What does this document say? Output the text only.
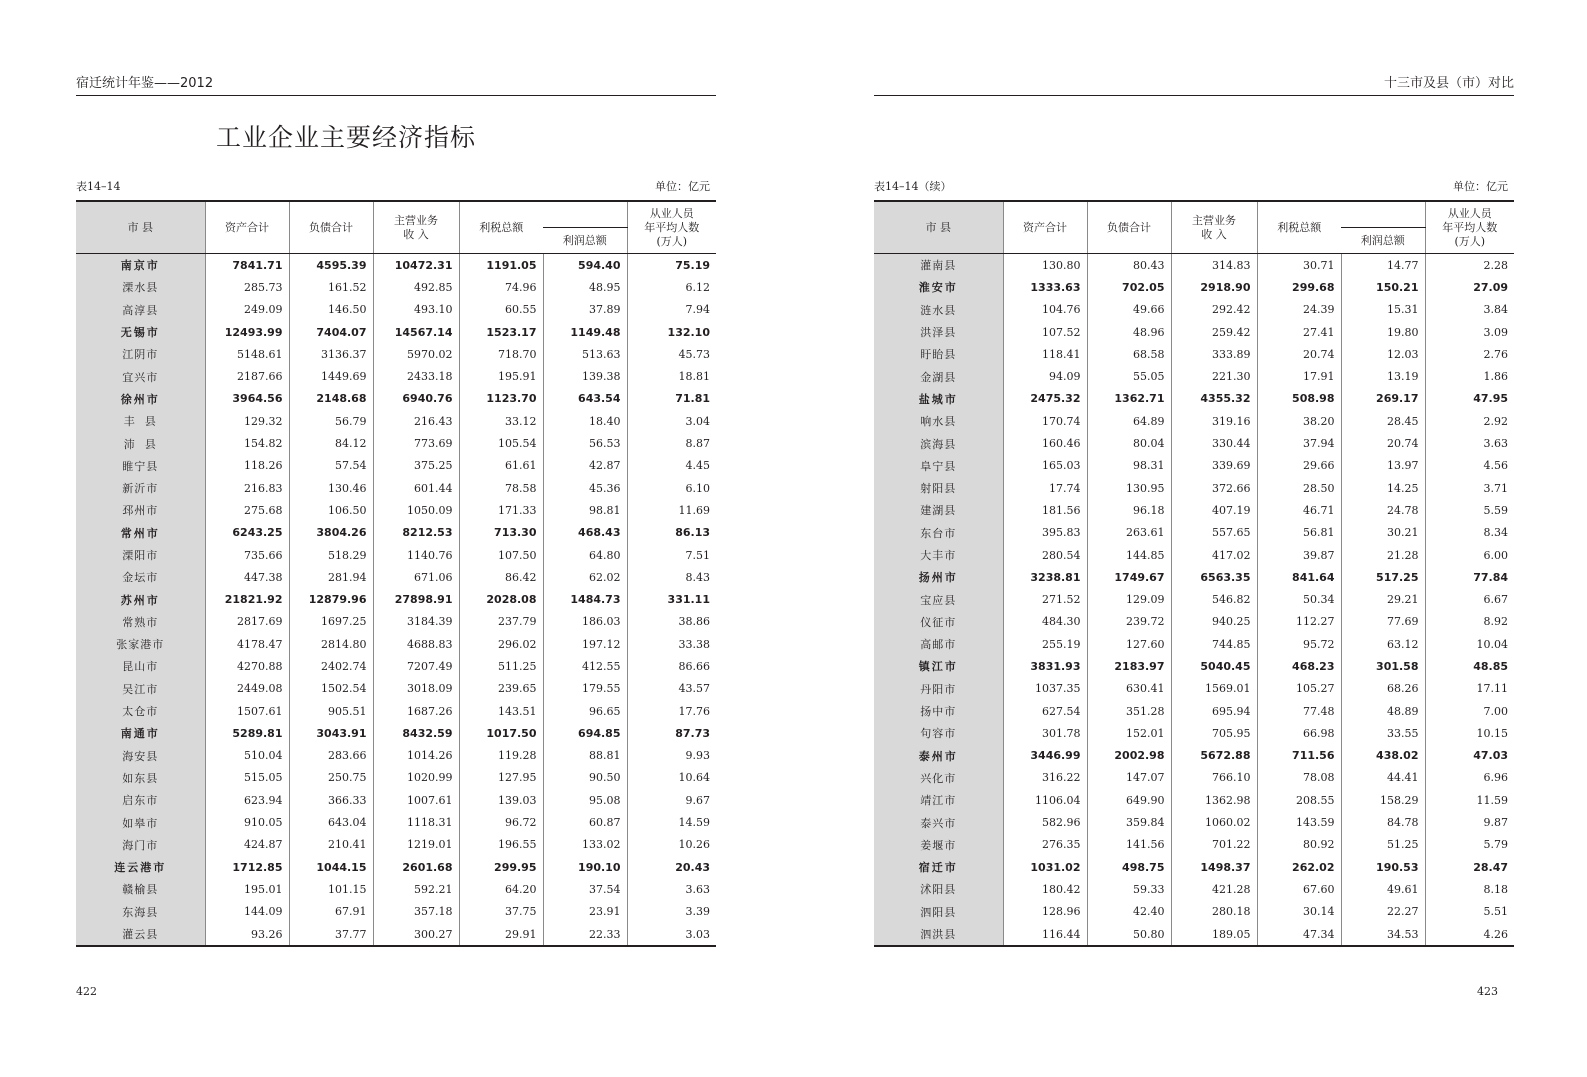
宿迁统计年鉴——2012
工业企业主要经济指标
表14–14	单位：亿元
市 县	资产合计	负债合计	主营业务
收 入	利税总额		从业人员
年平均人数
(万人)
					利润总额	
南京市	7841.71	4595.39	10472.31	1191.05	594.40	75.19
溧水县	285.73	161.52	492.85	74.96	48.95	6.12
高淳县	249.09	146.50	493.10	60.55	37.89	7.94
无锡市	12493.99	7404.07	14567.14	1523.17	1149.48	132.10
江阴市	5148.61	3136.37	5970.02	718.70	513.63	45.73
宜兴市	2187.66	1449.69	2433.18	195.91	139.38	18.81
徐州市	3964.56	2148.68	6940.76	1123.70	643.54	71.81
丰  县	129.32	56.79	216.43	33.12	18.40	3.04
沛  县	154.82	84.12	773.69	105.54	56.53	8.87
睢宁县	118.26	57.54	375.25	61.61	42.87	4.45
新沂市	216.83	130.46	601.44	78.58	45.36	6.10
邳州市	275.68	106.50	1050.09	171.33	98.81	11.69
常州市	6243.25	3804.26	8212.53	713.30	468.43	86.13
溧阳市	735.66	518.29	1140.76	107.50	64.80	7.51
金坛市	447.38	281.94	671.06	86.42	62.02	8.43
苏州市	21821.92	12879.96	27898.91	2028.08	1484.73	331.11
常熟市	2817.69	1697.25	3184.39	237.79	186.03	38.86
张家港市	4178.47	2814.80	4688.83	296.02	197.12	33.38
昆山市	4270.88	2402.74	7207.49	511.25	412.55	86.66
吴江市	2449.08	1502.54	3018.09	239.65	179.55	43.57
太仓市	1507.61	905.51	1687.26	143.51	96.65	17.76
南通市	5289.81	3043.91	8432.59	1017.50	694.85	87.73
海安县	510.04	283.66	1014.26	119.28	88.81	9.93
如东县	515.05	250.75	1020.99	127.95	90.50	10.64
启东市	623.94	366.33	1007.61	139.03	95.08	9.67
如皋市	910.05	643.04	1118.31	96.72	60.87	14.59
海门市	424.87	210.41	1219.01	196.55	133.02	10.26
连云港市	1712.85	1044.15	2601.68	299.95	190.10	20.43
赣榆县	195.01	101.15	592.21	64.20	37.54	3.63
东海县	144.09	67.91	357.18	37.75	23.91	3.39
灌云县	93.26	37.77	300.27	29.91	22.33	3.03
422
十三市及县（市）对比
表14–14（续）	单位：亿元
市 县	资产合计	负债合计	主营业务
收 入	利税总额		从业人员
年平均人数
(万人)
					利润总额	
灌南县	130.80	80.43	314.83	30.71	14.77	2.28
淮安市	1333.63	702.05	2918.90	299.68	150.21	27.09
涟水县	104.76	49.66	292.42	24.39	15.31	3.84
洪泽县	107.52	48.96	259.42	27.41	19.80	3.09
盱眙县	118.41	68.58	333.89	20.74	12.03	2.76
金湖县	94.09	55.05	221.30	17.91	13.19	1.86
盐城市	2475.32	1362.71	4355.32	508.98	269.17	47.95
响水县	170.74	64.89	319.16	38.20	28.45	2.92
滨海县	160.46	80.04	330.44	37.94	20.74	3.63
阜宁县	165.03	98.31	339.69	29.66	13.97	4.56
射阳县	17.74	130.95	372.66	28.50	14.25	3.71
建湖县	181.56	96.18	407.19	46.71	24.78	5.59
东台市	395.83	263.61	557.65	56.81	30.21	8.34
大丰市	280.54	144.85	417.02	39.87	21.28	6.00
扬州市	3238.81	1749.67	6563.35	841.64	517.25	77.84
宝应县	271.52	129.09	546.82	50.34	29.21	6.67
仪征市	484.30	239.72	940.25	112.27	77.69	8.92
高邮市	255.19	127.60	744.85	95.72	63.12	10.04
镇江市	3831.93	2183.97	5040.45	468.23	301.58	48.85
丹阳市	1037.35	630.41	1569.01	105.27	68.26	17.11
扬中市	627.54	351.28	695.94	77.48	48.89	7.00
句容市	301.78	152.01	705.95	66.98	33.55	10.15
泰州市	3446.99	2002.98	5672.88	711.56	438.02	47.03
兴化市	316.22	147.07	766.10	78.08	44.41	6.96
靖江市	1106.04	649.90	1362.98	208.55	158.29	11.59
泰兴市	582.96	359.84	1060.02	143.59	84.78	9.87
姜堰市	276.35	141.56	701.22	80.92	51.25	5.79
宿迁市	1031.02	498.75	1498.37	262.02	190.53	28.47
沭阳县	180.42	59.33	421.28	67.60	49.61	8.18
泗阳县	128.96	42.40	280.18	30.14	22.27	5.51
泗洪县	116.44	50.80	189.05	47.34	34.53	4.26
423
